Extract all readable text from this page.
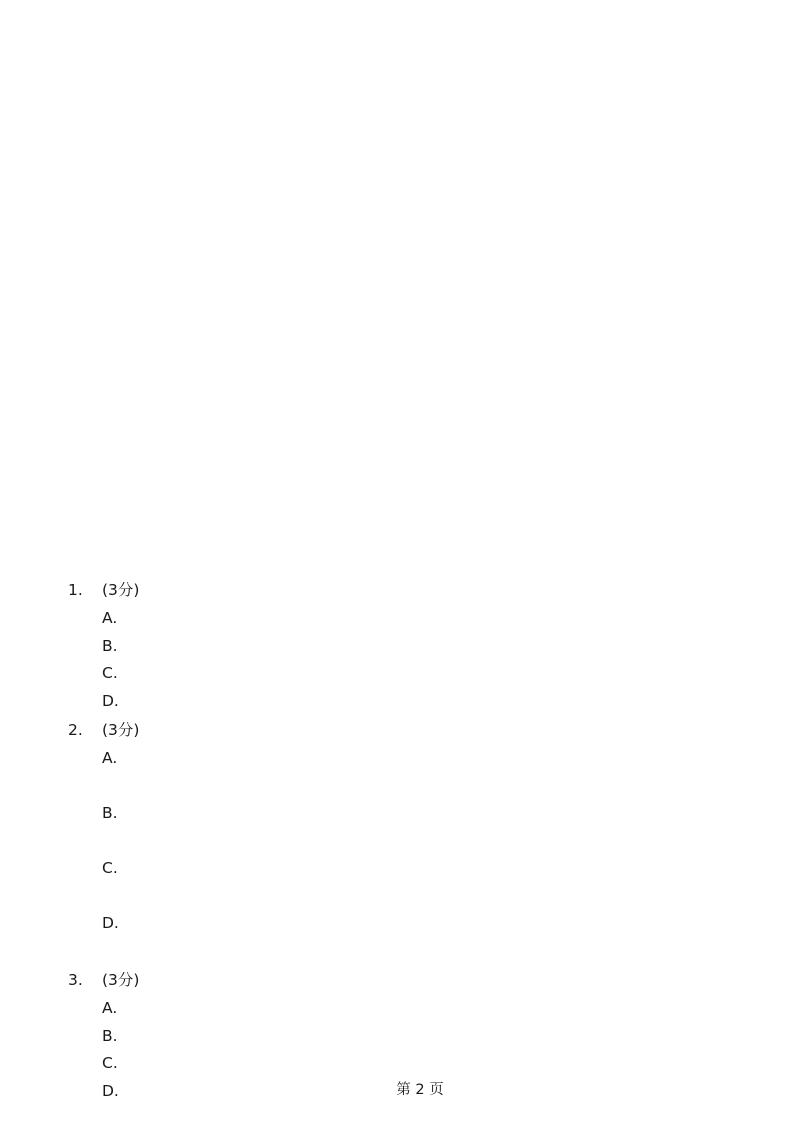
1.	(3分)
A.
B.
C.
D.
2.	(3分)
A.
B.
C.
D.
3.	(3分)
A.
B.
C.
D.	第 2 页
